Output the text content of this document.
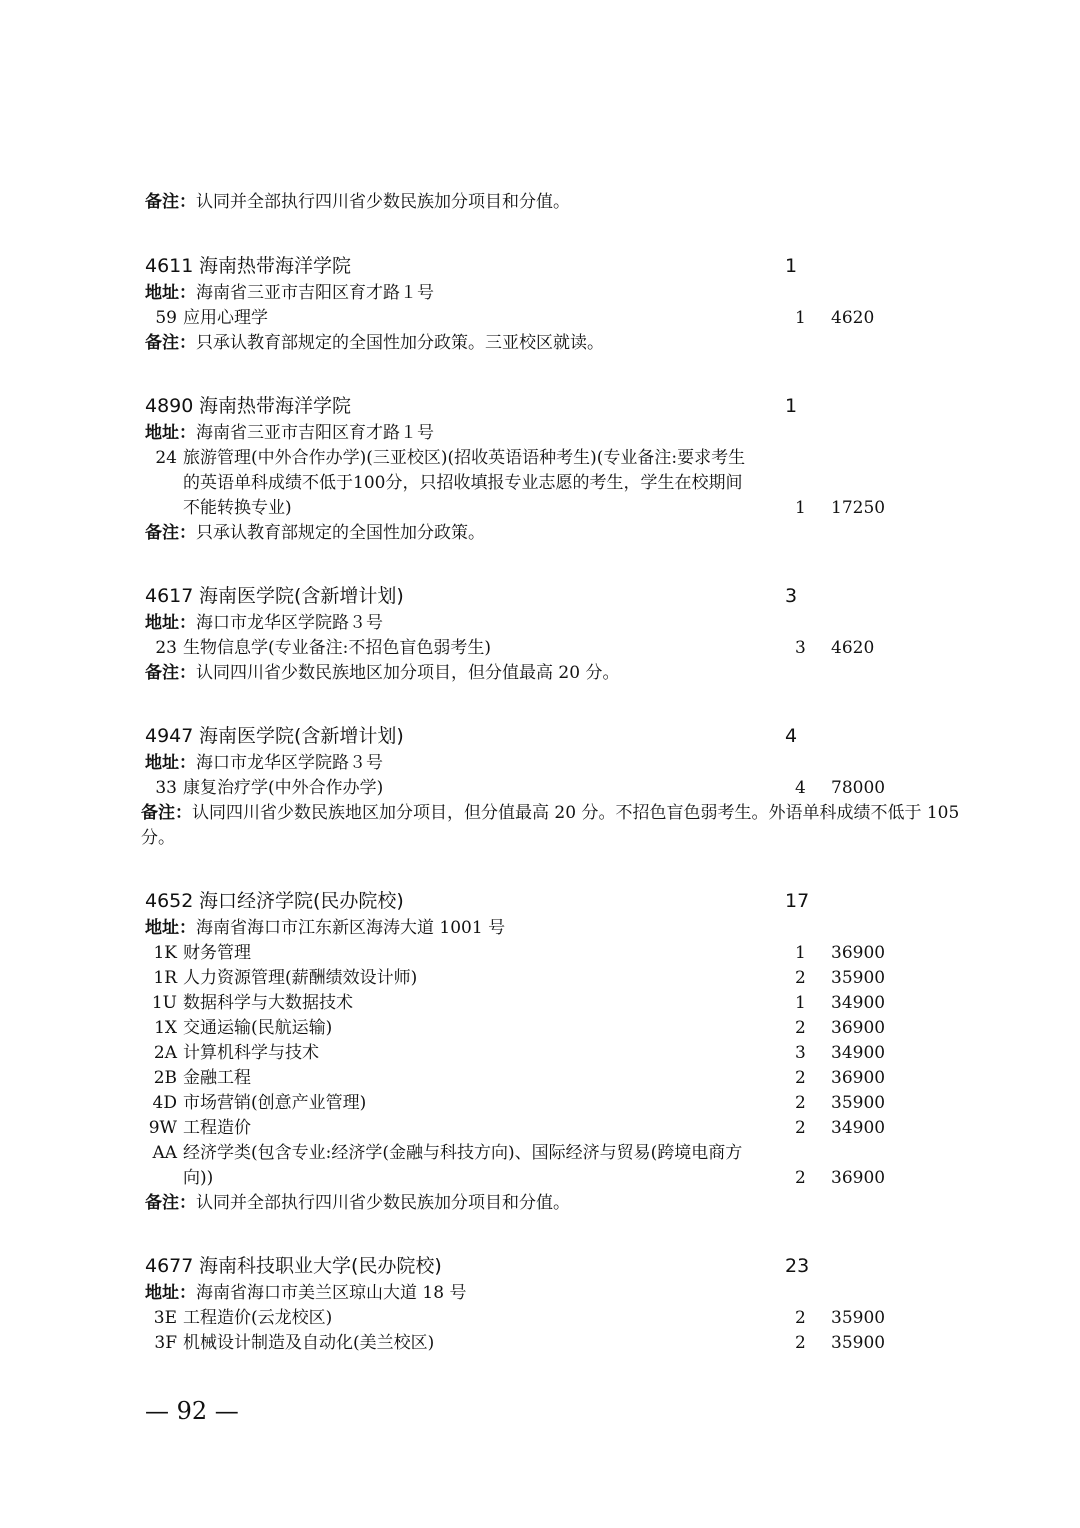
备注：认同并全部执行四川省少数民族加分项目和分值。
4611 海南热带海洋学院	1
地址：海南省三亚市吉阳区育才路１号
59 应用心理学	1 4620
备注：只承认教育部规定的全国性加分政策。三亚校区就读。
4890 海南热带海洋学院	1
地址：海南省三亚市吉阳区育才路１号
24 旅游管理(中外合作办学)(三亚校区)(招收英语语种考生)(专业备注:要求考生的英语单科成绩不低于100分，只招收填报专业志愿的考生，学生在校期间不能转换专业)	1 17250
备注：只承认教育部规定的全国性加分政策。
4617 海南医学院(含新增计划)	3
地址：海口市龙华区学院路３号
23 生物信息学(专业备注:不招色盲色弱考生)	3 4620
备注：认同四川省少数民族地区加分项目，但分值最高 20 分。
4947 海南医学院(含新增计划)	4
地址：海口市龙华区学院路３号
33 康复治疗学(中外合作办学)	4 78000
备注：认同四川省少数民族地区加分项目，但分值最高 20 分。不招色盲色弱考生。外语单科成绩不低于 105 分。
4652 海口经济学院(民办院校)	17
地址：海南省海口市江东新区海涛大道 1001 号
1K 财务管理	1 36900
1R 人力资源管理(薪酬绩效设计师)	2 35900
1U 数据科学与大数据技术	1 34900
1X 交通运输(民航运输)	2 36900
2A 计算机科学与技术	3 34900
2B 金融工程	2 36900
4D 市场营销(创意产业管理)	2 35900
9W 工程造价	2 34900
AA 经济学类(包含专业:经济学(金融与科技方向)、国际经济与贸易(跨境电商方向))	2 36900
备注：认同并全部执行四川省少数民族加分项目和分值。
4677 海南科技职业大学(民办院校)	23
地址：海南省海口市美兰区琼山大道 18 号
3E 工程造价(云龙校区)	2 35900
3F 机械设计制造及自动化(美兰校区)	2 35900
— 92 —
